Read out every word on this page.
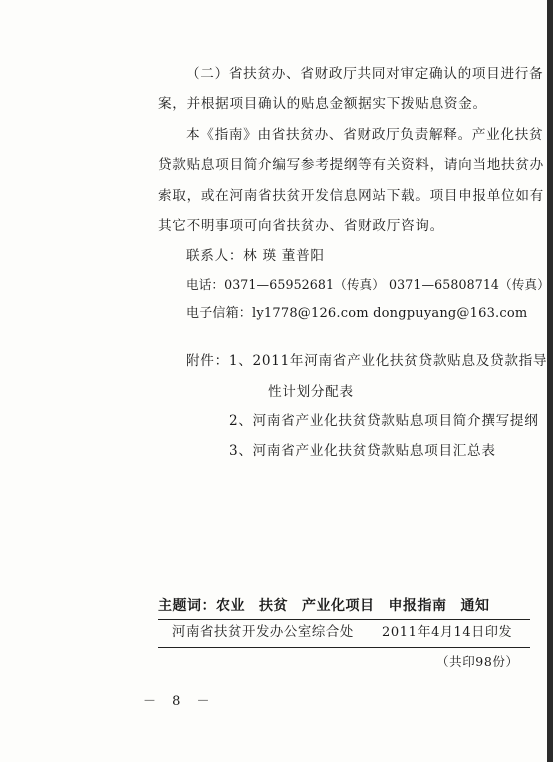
（二）省扶贫办、省财政厅共同对审定确认的项目进行备
案，并根据项目确认的贴息金额据实下拨贴息资金。
本《指南》由省扶贫办、省财政厅负责解释。产业化扶贫
贷款贴息项目简介编写参考提纲等有关资料，请向当地扶贫办
索取，或在河南省扶贫开发信息网站下载。项目申报单位如有
其它不明事项可向省扶贫办、省财政厅咨询。
联系人：林 瑛 董普阳
电话：0371—65952681（传真） 0371—65808714（传真）
电子信箱：ly1778@126.com dongpuyang@163.com
附件：1、2011年河南省产业化扶贫贷款贴息及贷款指导
性计划分配表
2、河南省产业化扶贫贷款贴息项目简介撰写提纲
3、河南省产业化扶贫贷款贴息项目汇总表
主题词：农业 扶贫 产业化项目 申报指南 通知
河南省扶贫开发办公室综合处 2011年4月14日印发
（共印98份）
－ 8 －
